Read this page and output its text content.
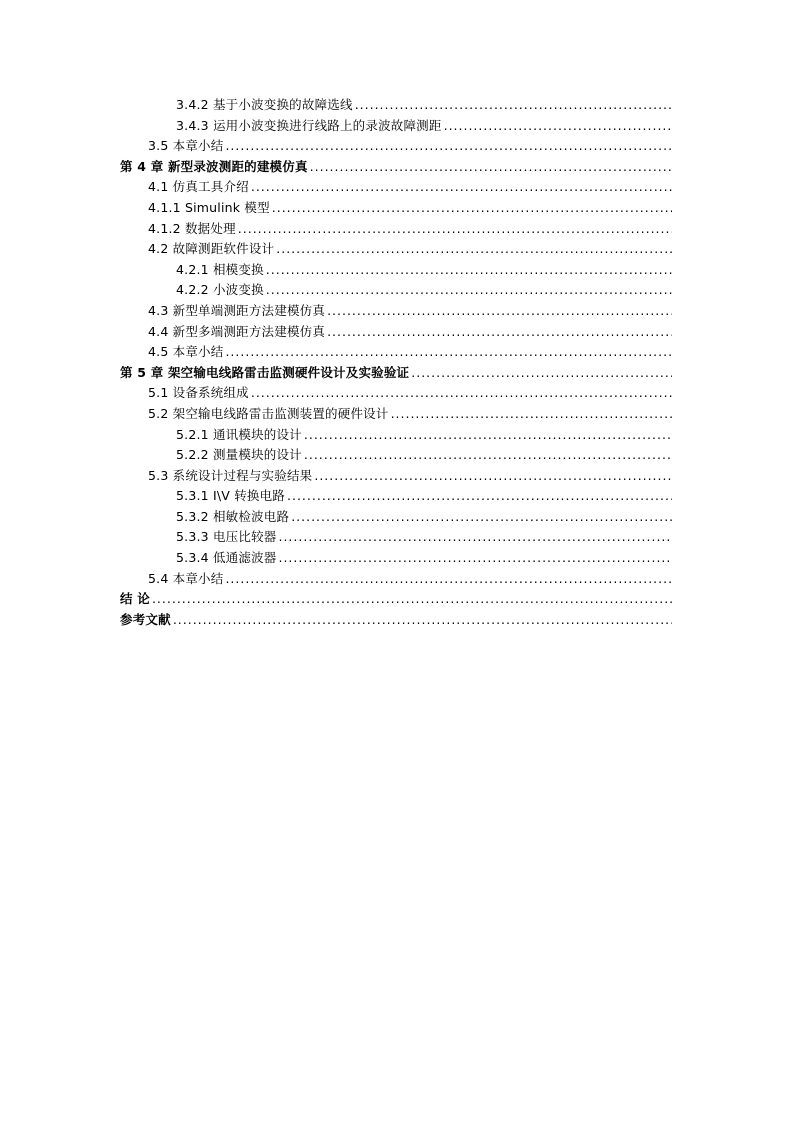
3.4.2 基于小波变换的故障选线
.....
3.4.3 运用小波变换进行线路上的录波故障测距
.....
3.5 本章小结
.....
第 4 章 新型录波测距的建模仿真
.....
4.1 仿真工具介绍
.....
4.1.1 Simulink 模型
.....
4.1.2 数据处理
.....
4.2 故障测距软件设计
.....
4.2.1 相模变换
.....
4.2.2 小波变换
.....
4.3 新型单端测距方法建模仿真
.....
4.4 新型多端测距方法建模仿真
.....
4.5 本章小结
.....
第 5 章 架空输电线路雷击监测硬件设计及实验验证
.....
5.1 设备系统组成
.....
5.2 架空输电线路雷击监测装置的硬件设计
.....
5.2.1 通讯模块的设计
.....
5.2.2 测量模块的设计
.....
5.3 系统设计过程与实验结果
.....
5.3.1 I\V 转换电路
.....
5.3.2 相敏检波电路
.....
5.3.3 电压比较器
.....
5.3.4 低通滤波器
.....
5.4 本章小结
.....
结 论
.....
参考文献
.....
